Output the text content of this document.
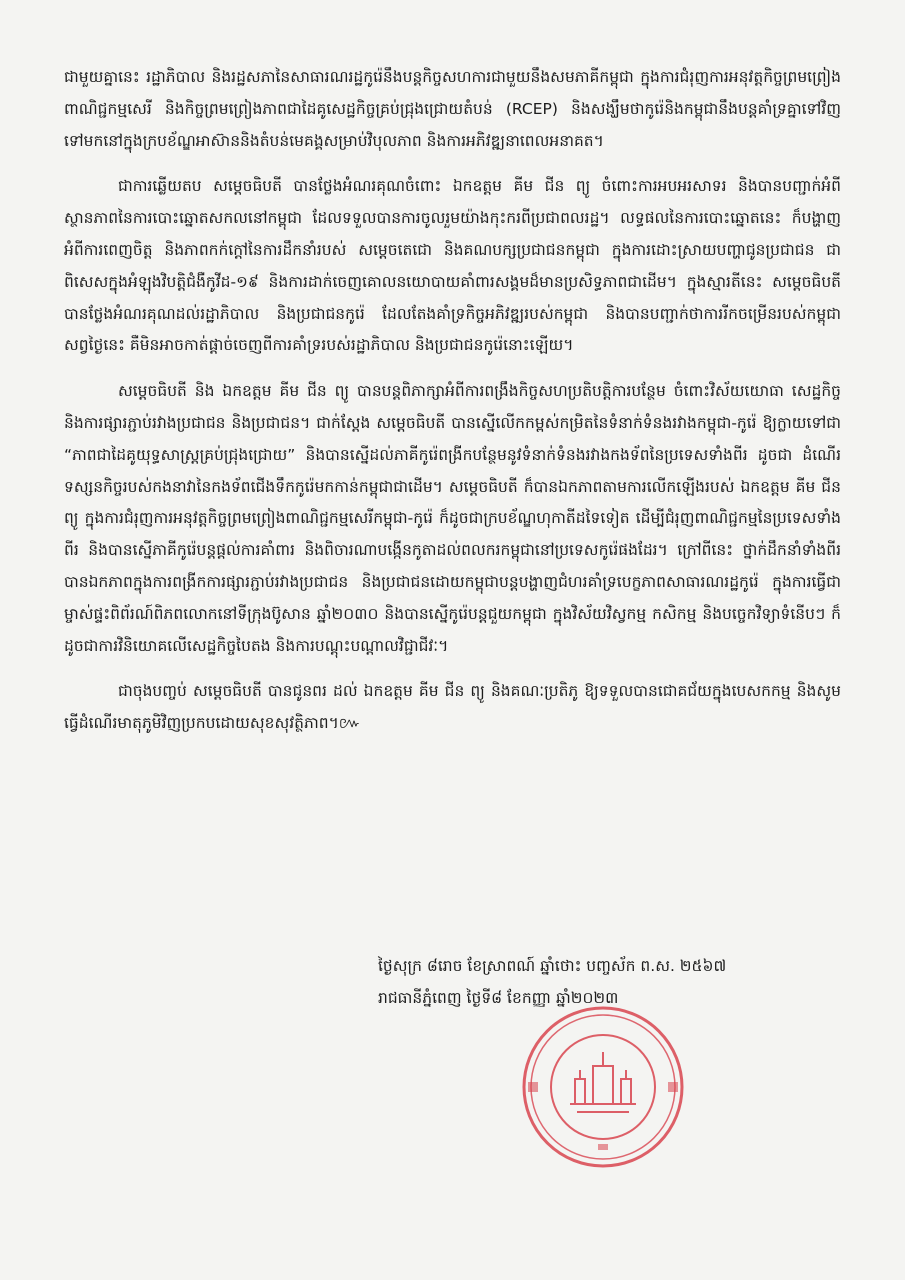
ជាមួយគ្នានេះ រដ្ឋាភិបាល និងរដ្ឋសភានៃសាធារណរដ្ឋកូរ៉េនឹងបន្តកិច្ចសហការជាមួយនឹងសមភាគីកម្ពុជា ក្នុងការជំរុញការអនុវត្តកិច្ចព្រមព្រៀងពាណិជ្ជកម្មសេរី និងកិច្ចព្រមព្រៀងភាពជាដៃគូសេដ្ឋកិច្ចគ្រប់ជ្រុងជ្រោយតំបន់ (RCEP) និងសង្ឃឹមថាកូរ៉េនិងកម្ពុជានឹងបន្តគាំទ្រគ្នាទៅវិញទៅមកនៅក្នុងក្របខ័ណ្ឌអាស៊ាននិងតំបន់មេគង្គសម្រាប់វិបុលភាព និងការអភិវឌ្ឍនាពេលអនាគត។

ជាការឆ្លើយតប សម្តេចធិបតី បានថ្លែងអំណរគុណចំពោះ ឯកឧត្តម គីម ជីន ព្យូ ចំពោះការអបអរសាទរ និងបានបញ្ជាក់អំពីស្ថានភាពនៃការបោះឆ្នោតសកលនៅកម្ពុជា ដែលទទួលបានការចូលរួមយ៉ាងកុះករពីប្រជាពលរដ្ឋ។ លទ្ធផលនៃការបោះឆ្នោតនេះ ក៏បង្ហាញអំពីការពេញចិត្ត និងភាពកក់ក្តៅនៃការដឹកនាំរបស់ សម្តេចតេជោ និងគណបក្សប្រជាជនកម្ពុជា ក្នុងការដោះស្រាយបញ្ហាជូនប្រជាជន ជាពិសេសក្នុងអំឡុងវិបត្តិជំងឺកូវីដ-១៩ និងការដាក់ចេញគោលនយោបាយគាំពារសង្គមដ៏មានប្រសិទ្ធភាពជាដើម។ ក្នុងស្មារតីនេះ សម្តេចធិបតី បានថ្លែងអំណរគុណដល់រដ្ឋាភិបាល និងប្រជាជនកូរ៉េ ដែលតែងគាំទ្រកិច្ចអភិវឌ្ឍរបស់កម្ពុជា និងបានបញ្ជាក់ថាការរីកចម្រើនរបស់កម្ពុជាសព្វថ្ងៃនេះ គឺមិនអាចកាត់ផ្តាច់ចេញពីការគាំទ្ររបស់រដ្ឋាភិបាល និងប្រជាជនកូរ៉េនោះឡើយ។

សម្តេចធិបតី និង ឯកឧត្តម គីម ជីន ព្យូ បានបន្តពិភាក្សាអំពីការពង្រឹងកិច្ចសហប្រតិបត្តិការបន្ថែម ចំពោះវិស័យយោធា សេដ្ឋកិច្ច និងការផ្សារភ្ជាប់រវាងប្រជាជន និងប្រជាជន។ ជាក់ស្តែង សម្តេចធិបតី បានស្នើលើកកម្ពស់កម្រិតនៃទំនាក់ទំនងរវាងកម្ពុជា-កូរ៉េ ឱ្យក្លាយទៅជា “ភាពជាដៃគូយុទ្ធសាស្ត្រគ្រប់ជ្រុងជ្រោយ” និងបានស្នើដល់ភាគីកូរ៉េពង្រីកបន្ថែមនូវទំនាក់ទំនងរវាងកងទ័ពនៃប្រទេសទាំងពីរ ដូចជា ដំណើរទស្សនកិច្ចរបស់កងនាវានៃកងទ័ពជើងទឹកកូរ៉េមកកាន់កម្ពុជាជាដើម។ សម្តេចធិបតី ក៏បានឯកភាពតាមការលើកឡើងរបស់ ឯកឧត្តម គីម ជីន ព្យូ ក្នុងការជំរុញការអនុវត្តកិច្ចព្រមព្រៀងពាណិជ្ជកម្មសេរីកម្ពុជា-កូរ៉េ ក៏ដូចជាក្របខ័ណ្ឌហុកាតីដទៃទៀត ដើម្បីជំរុញពាណិជ្ជកម្មនៃប្រទេសទាំងពីរ និងបានស្នើភាគីកូរ៉េបន្តផ្តល់ការគាំពារ និងពិចារណាបង្កើនកូតាដល់ពលករកម្ពុជានៅប្រទេសកូរ៉េផងដែរ។ ក្រៅពីនេះ ថ្នាក់ដឹកនាំទាំងពីរបានឯកភាពក្នុងការពង្រីកការផ្សារភ្ជាប់រវាងប្រជាជន និងប្រជាជនដោយកម្ពុជាបន្តបង្ហាញជំហរគាំទ្របេក្ខភាពសាធារណរដ្ឋកូរ៉េ ក្នុងការធ្វើជាម្ចាស់ផ្ទះពិព័រណ៍ពិភពលោកនៅទីក្រុងប៊ូសាន ឆ្នាំ២០៣០ និងបានស្នើកូរ៉េបន្តជួយកម្ពុជា ក្នុងវិស័យវិស្វកម្ម កសិកម្ម និងបច្ចេកវិទ្យាទំនើបៗ ក៏ដូចជាការវិនិយោគលើសេដ្ឋកិច្ចបៃតង និងការបណ្តុះបណ្តាលវិជ្ជាជីវៈ។

ជាចុងបញ្ចប់ សម្តេចធិបតី បានជូនពរ ដល់ ឯកឧត្តម គីម ជីន ព្យូ និងគណៈប្រតិភូ ឱ្យទទួលបានជោគជ័យក្នុងបេសកកម្ម និងសូមធ្វើដំណើរមាតុភូមិវិញប្រកបដោយសុខសុវត្ថិភាព។៚

ថ្ងៃសុក្រ ៨រោច ខែស្រាពណ៍ ឆ្នាំថោះ បញ្ចស័ក ព.ស. ២៥៦៧
រាជធានីភ្នំពេញ ថ្ងៃទី៨ ខែកញ្ញា ឆ្នាំ២០២៣
